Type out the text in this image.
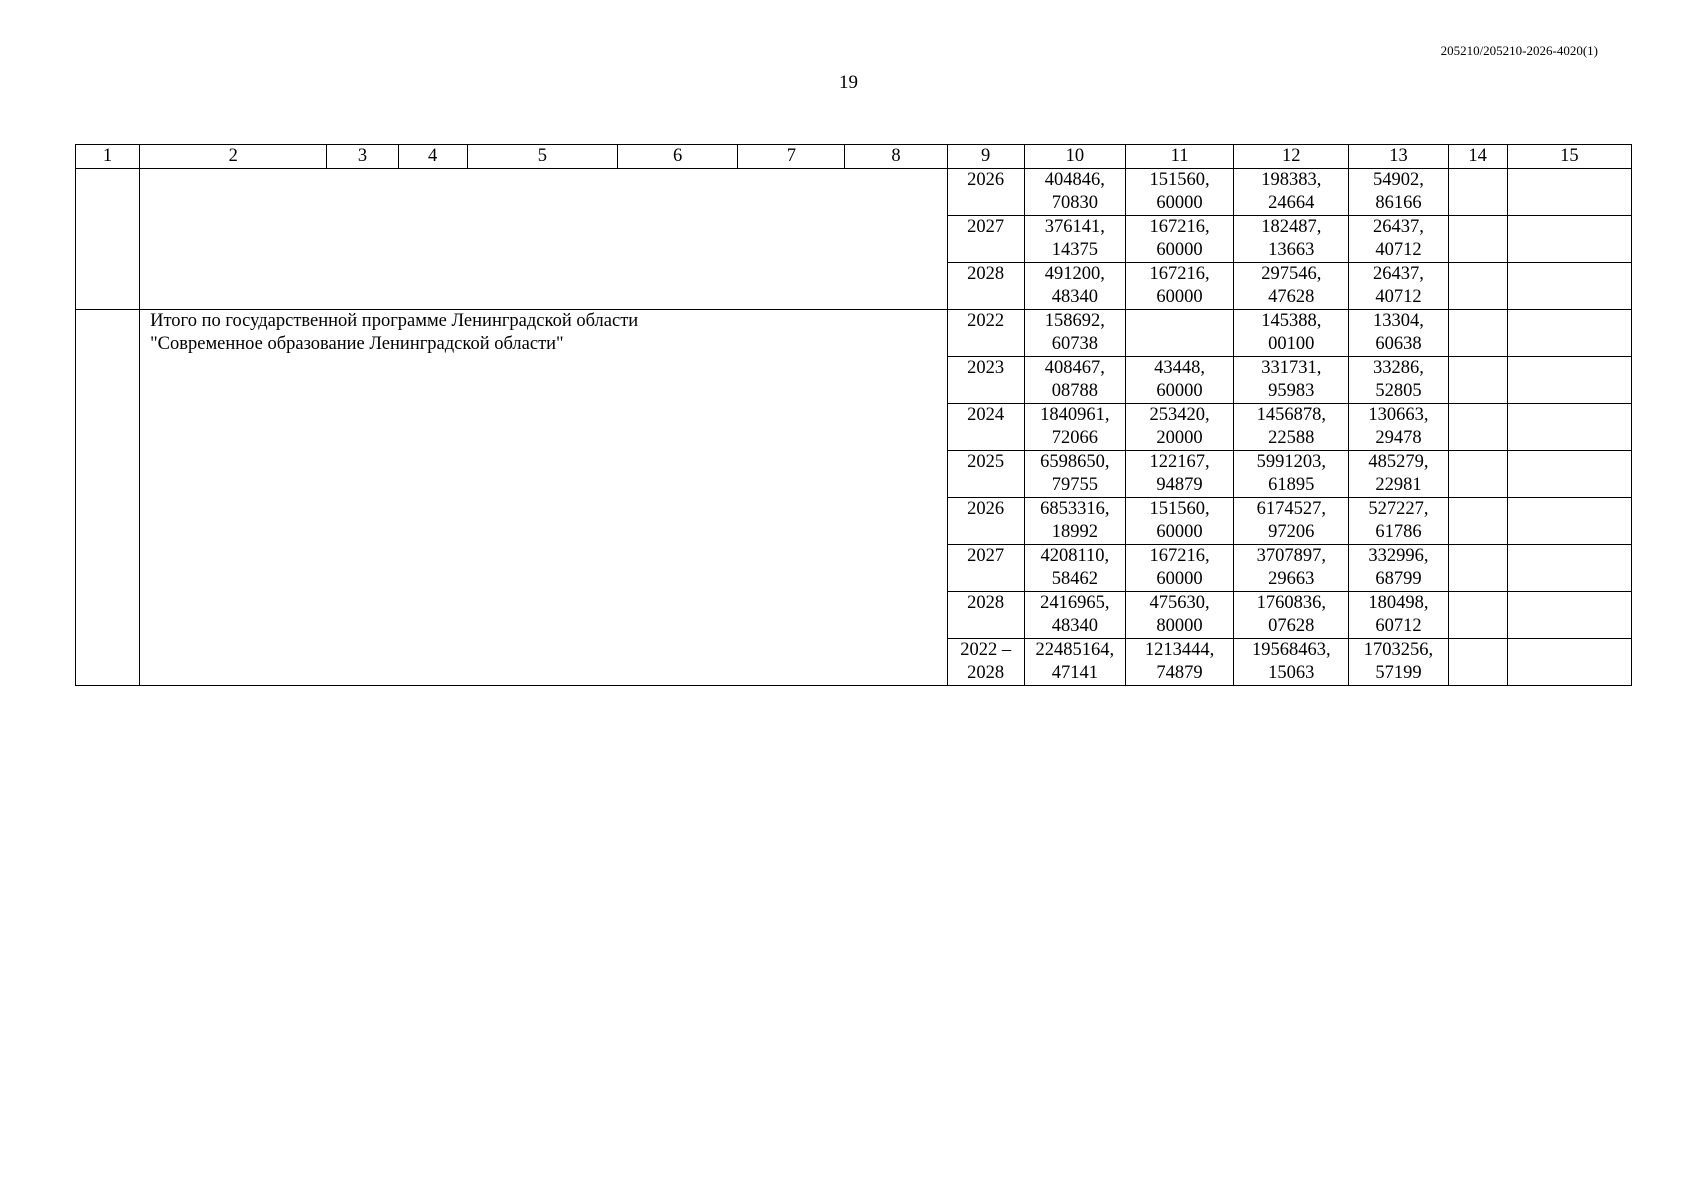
205210/205210-2026-4020(1)
19
1	2	3	4	5	6	7	8	9	10	11	12	13	14	15
								2026	404846,
70830	151560,
60000	198383,
24664	54902,
86166		

								2027	376141,
14375	167216,
60000	182487,
13663	26437,
40712		

								2028	491200,
48340	167216,
60000	297546,
47628	26437,
40712		

	Итого по государственной программе Ленинградской области
"Современное образование Ленинградской области"							2022	158692,
60738		145388,
00100	13304,
60638		

								2023	408467,
08788	43448,
60000	331731,
95983	33286,
52805		

								2024	1840961,
72066	253420,
20000	1456878,
22588	130663,
29478		

								2025	6598650,
79755	122167,
94879	5991203,
61895	485279,
22981		

								2026	6853316,
18992	151560,
60000	6174527,
97206	527227,
61786		

								2027	4208110,
58462	167216,
60000	3707897,
29663	332996,
68799		

								2028	2416965,
48340	475630,
80000	1760836,
07628	180498,
60712		

								2022 –
2028	22485164,
47141	1213444,
74879	19568463,
15063	1703256,
57199		
